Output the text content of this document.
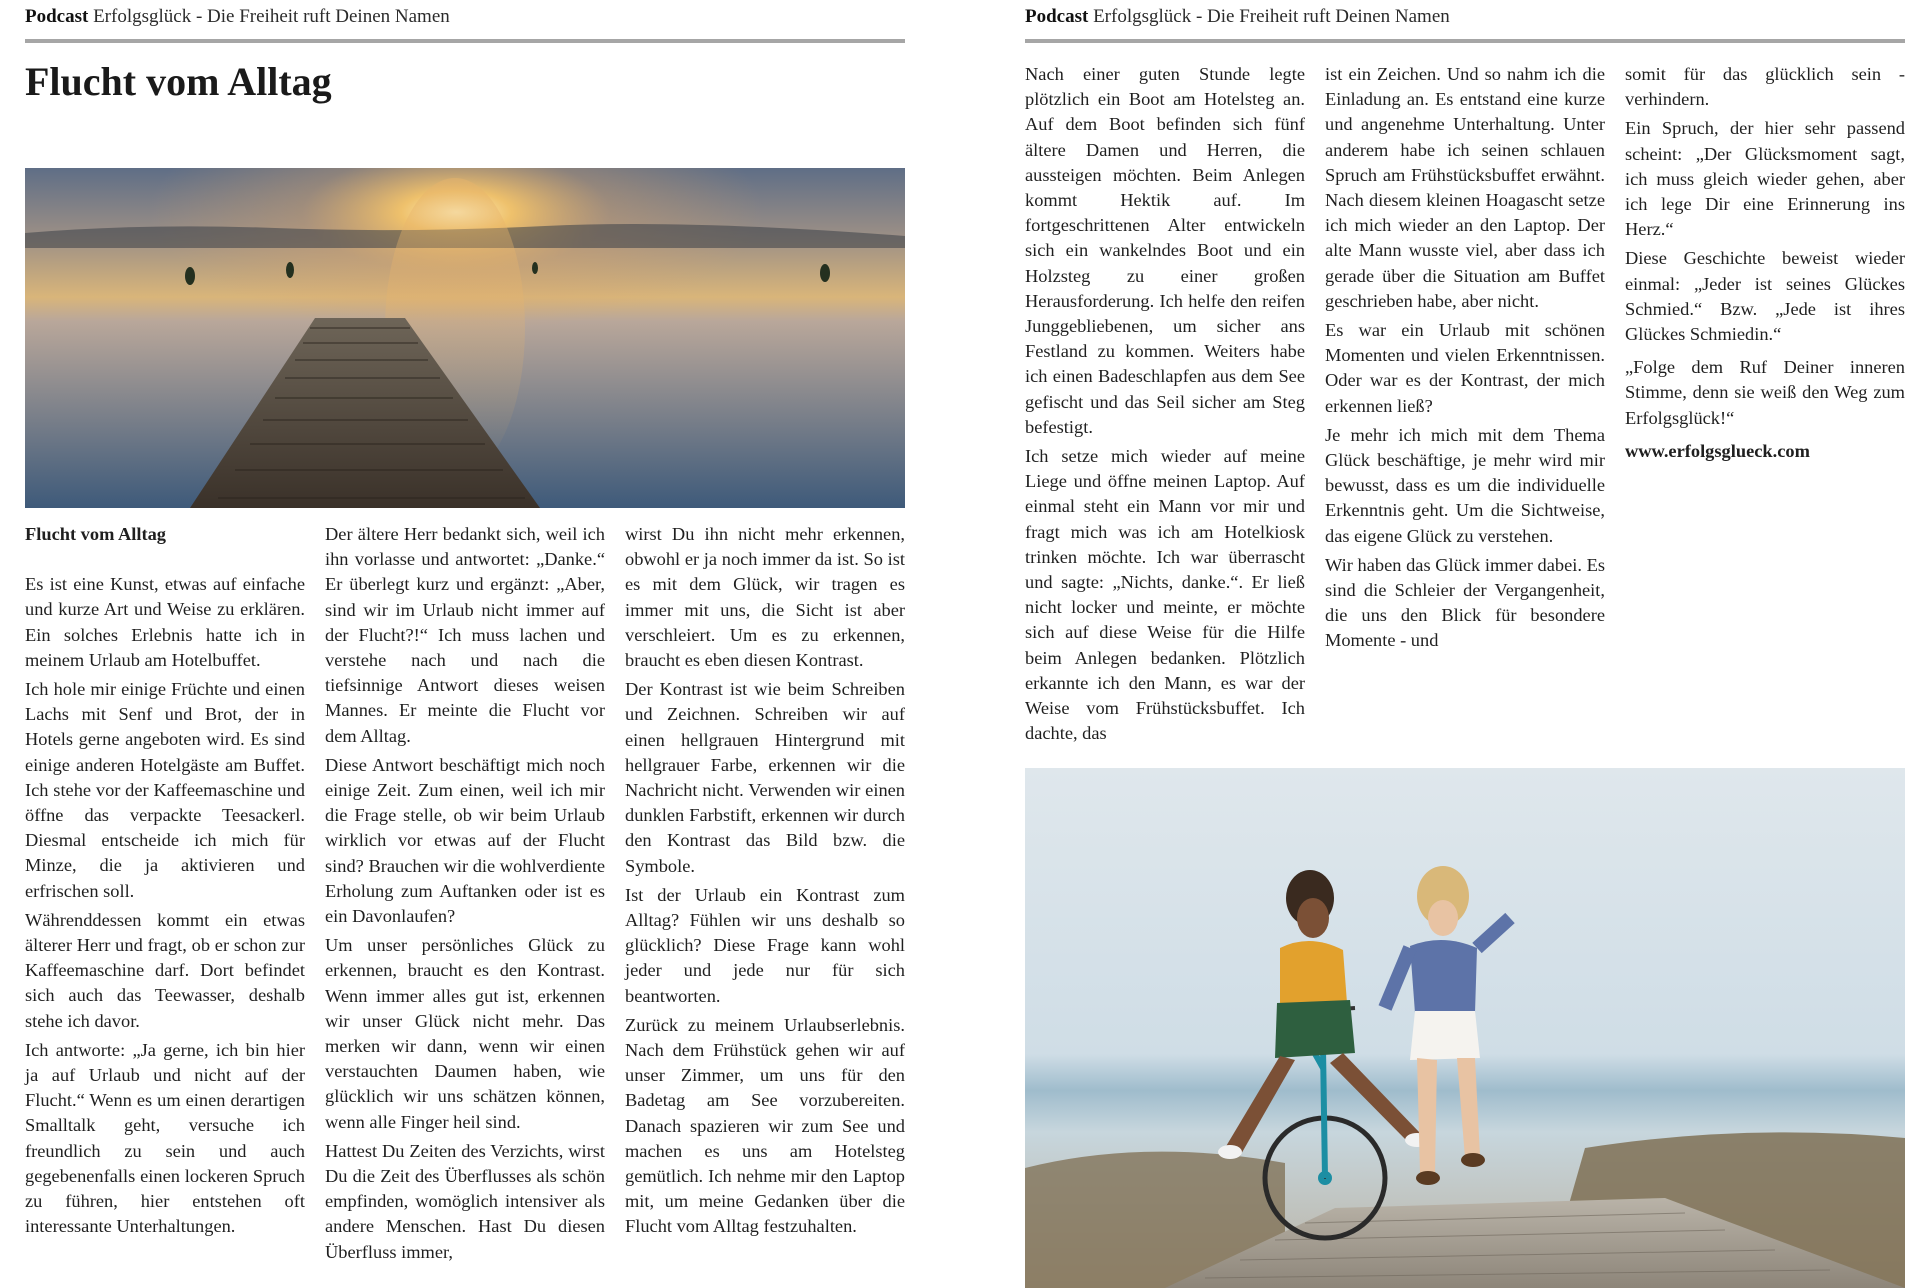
Podcast Erfolgsglück - Die Freiheit ruft Deinen Namen
Flucht vom Alltag

Flucht vom Alltag

Es ist eine Kunst, etwas auf einfache und kurze Art und Weise zu erklären. Ein solches Erlebnis hatte ich in meinem Urlaub am Hotelbuffet.

Ich hole mir einige Früchte und einen Lachs mit Senf und Brot, der in Hotels gerne angeboten wird. Es sind einige anderen Hotelgäste am Buffet. Ich stehe vor der Kaffeemaschine und öffne das verpackte Teesackerl. Diesmal entscheide ich mich für Minze, die ja aktivieren und erfrischen soll.

Währenddessen kommt ein etwas älterer Herr und fragt, ob er schon zur Kaffeemaschine darf. Dort befindet sich auch das Teewasser, deshalb stehe ich davor.

Ich antworte: „Ja gerne, ich bin hier ja auf Urlaub und nicht auf der Flucht.“ Wenn es um einen derartigen Smalltalk geht, versuche ich freundlich zu sein und auch gegebenenfalls einen lockeren Spruch zu führen, hier entstehen oft interessante Unterhaltungen.

Der ältere Herr bedankt sich, weil ich ihn vorlasse und antwortet: „Danke.“ Er überlegt kurz und ergänzt: „Aber, sind wir im Urlaub nicht immer auf der Flucht?!“ Ich muss lachen und verstehe nach und nach die tiefsinnige Antwort dieses weisen Mannes. Er meinte die Flucht vor dem Alltag.

Diese Antwort beschäftigt mich noch einige Zeit. Zum einen, weil ich mir die Frage stelle, ob wir beim Urlaub wirklich vor etwas auf der Flucht sind? Brauchen wir die wohlverdiente Erholung zum Auftanken oder ist es ein Davonlaufen?

Um unser persönliches Glück zu erkennen, braucht es den Kontrast. Wenn immer alles gut ist, erkennen wir unser Glück nicht mehr. Das merken wir dann, wenn wir einen verstauchten Daumen haben, wie glücklich wir uns schätzen können, wenn alle Finger heil sind.

Hattest Du Zeiten des Verzichts, wirst Du die Zeit des Überflusses als schön empfinden, womöglich intensiver als andere Menschen. Hast Du diesen Überfluss immer,

wirst Du ihn nicht mehr erkennen, obwohl er ja noch immer da ist. So ist es mit dem Glück, wir tragen es immer mit uns, die Sicht ist aber verschleiert. Um es zu erkennen, braucht es eben diesen Kontrast.

Der Kontrast ist wie beim Schreiben und Zeichnen. Schreiben wir auf einen hellgrauen Hintergrund mit hellgrauer Farbe, erkennen wir die Nachricht nicht. Verwenden wir einen dunklen Farbstift, erkennen wir durch den Kontrast das Bild bzw. die Symbole.

Ist der Urlaub ein Kontrast zum Alltag? Fühlen wir uns deshalb so glücklich? Diese Frage kann wohl jeder und jede nur für sich beantworten.

Zurück zu meinem Urlaubserlebnis. Nach dem Frühstück gehen wir auf unser Zimmer, um uns für den Badetag am See vorzubereiten. Danach spazieren wir zum See und machen es uns am Hotelsteg gemütlich. Ich nehme mir den Laptop mit, um meine Gedanken über die Flucht vom Alltag festzuhalten.

Podcast Erfolgsglück - Die Freiheit ruft Deinen Namen

Nach einer guten Stunde legte plötzlich ein Boot am Hotelsteg an. Auf dem Boot befinden sich fünf ältere Damen und Herren, die aussteigen möchten. Beim Anlegen kommt Hektik auf. Im fortgeschrittenen Alter entwickeln sich ein wankelndes Boot und ein Holzsteg zu einer großen Herausforderung. Ich helfe den reifen Junggebliebenen, um sicher ans Festland zu kommen. Weiters habe ich einen Badeschlapfen aus dem See gefischt und das Seil sicher am Steg befestigt.

Ich setze mich wieder auf meine Liege und öffne meinen Laptop. Auf einmal steht ein Mann vor mir und fragt mich was ich am Hotelkiosk trinken möchte. Ich war überrascht und sagte: „Nichts, danke.“. Er ließ nicht locker und meinte, er möchte sich auf diese Weise für die Hilfe beim Anlegen bedanken. Plötzlich erkannte ich den Mann, es war der Weise vom Frühstücksbuffet. Ich dachte, das

ist ein Zeichen. Und so nahm ich die Einladung an. Es entstand eine kurze und angenehme Unterhaltung. Unter anderem habe ich seinen schlauen Spruch am Frühstücksbuffet erwähnt. Nach diesem kleinen Hoagascht setze ich mich wieder an den Laptop. Der alte Mann wusste viel, aber dass ich gerade über die Situation am Buffet geschrieben habe, aber nicht.

Es war ein Urlaub mit schönen Momenten und vielen Erkenntnissen. Oder war es der Kontrast, der mich erkennen ließ?

Je mehr ich mich mit dem Thema Glück beschäftige, je mehr wird mir bewusst, dass es um die individuelle Erkenntnis geht. Um die Sichtweise, das eigene Glück zu verstehen.

Wir haben das Glück immer dabei. Es sind die Schleier der Vergangenheit, die uns den Blick für besondere Momente - und

somit für das glücklich sein - verhindern.

Ein Spruch, der hier sehr passend scheint: „Der Glücksmoment sagt, ich muss gleich wieder gehen, aber ich lege Dir eine Erinnerung ins Herz.“

Diese Geschichte beweist wieder einmal: „Jeder ist seines Glückes Schmied.“ Bzw. „Jede ist ihres Glückes Schmiedin.“

„Folge dem Ruf Deiner inneren Stimme, denn sie weiß den Weg zum Erfolgsglück!“

www.erfolgsglueck.com
